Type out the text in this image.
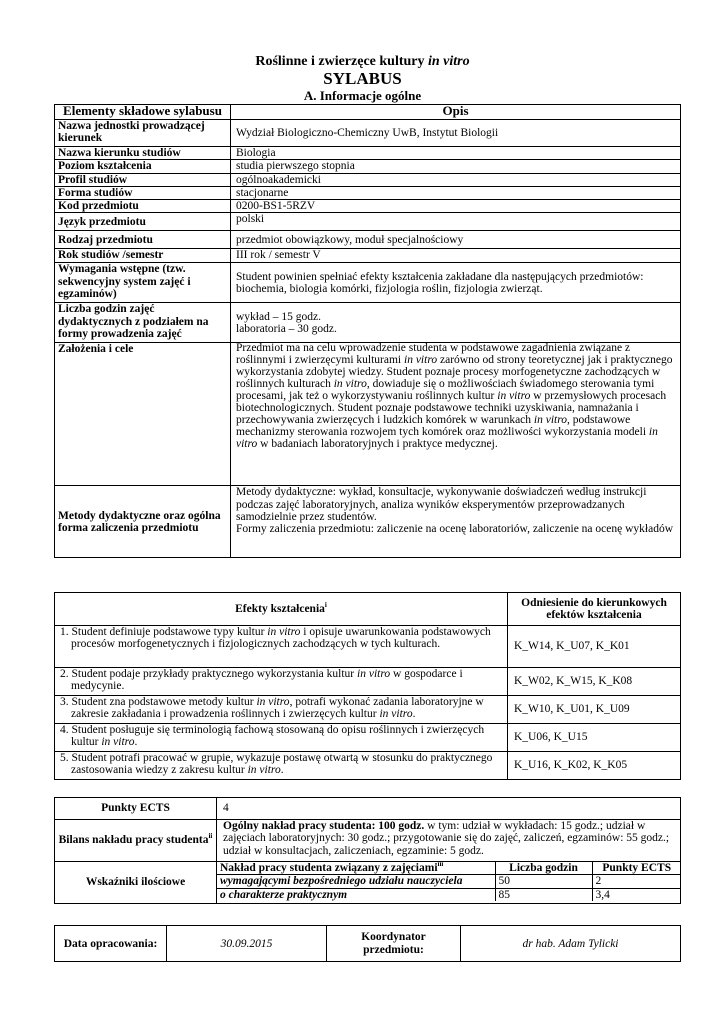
Roślinne i zwierzęce kultury in vitro
SYLABUS
A. Informacje ogólne
Elementy składowe sylabusu	Opis
Nazwa jednostki prowadzącej kierunek	Wydział Biologiczno-Chemiczny UwB, Instytut Biologii
Nazwa kierunku studiów	Biologia
Poziom kształcenia	studia pierwszego stopnia
Profil studiów	ogólnoakademicki
Forma studiów	stacjonarne
Kod przedmiotu	0200-BS1-5RZV
Język przedmiotu	polski
Rodzaj przedmiotu	przedmiot obowiązkowy, moduł specjalnościowy
Rok studiów /semestr	III rok / semestr V
Wymagania wstępne (tzw. sekwencyjny system zajęć i egzaminów)	Student powinien spełniać efekty kształcenia zakładane dla następujących przedmiotów: biochemia, biologia komórki, fizjologia roślin, fizjologia zwierząt.
Liczba godzin zajęć dydaktycznych z podziałem na formy prowadzenia zajęć	wykład – 15 godz.
laboratoria – 30 godz.

Założenia i cele	Przedmiot ma na celu wprowadzenie studenta w podstawowe zagadnienia związane z roślinnymi i zwierzęcymi kulturami in vitro zarówno od strony teoretycznej jak i praktycznego wykorzystania zdobytej wiedzy. Student poznaje procesy morfogenetyczne zachodzących w roślinnych kulturach in vitro, dowiaduje się o możliwościach świadomego sterowania tymi procesami, jak też o wykorzystywaniu roślinnych kultur in vitro w przemysłowych procesach biotechnologicznych. Student poznaje podstawowe techniki uzyskiwania, namnażania i przechowywania zwierzęcych i ludzkich komórek w warunkach in vitro, podstawowe mechanizmy sterowania rozwojem tych komórek oraz możliwości wykorzystania modeli in vitro w badaniach laboratoryjnych i praktyce medycznej.
Metody dydaktyczne oraz ogólna forma zaliczenia przedmiotu	Metody dydaktyczne: wykład, konsultacje, wykonywanie doświadczeń według instrukcji podczas zajęć laboratoryjnych, analiza wyników eksperymentów przeprowadzanych samodzielnie przez studentów.
Formy zaliczenia przedmiotu: zaliczenie na ocenę laboratoriów, zaliczenie na ocenę wykładów
Efekty kształcenia$^i$	Odniesienie do kierunkowych efektów kształcenia
1. Student definiuje podstawowe typy kultur in vitro i opisuje uwarunkowania podstawowych procesów morfogenetycznych i fizjologicznych zachodzących w tych kulturach.	K_W14, K_U07, K_K01
2. Student podaje przykłady praktycznego wykorzystania kultur in vitro w gospodarce i medycynie.	K_W02, K_W15, K_K08
3. Student zna podstawowe metody kultur in vitro, potrafi wykonać zadania laboratoryjne w zakresie zakładania i prowadzenia roślinnych i zwierzęcych kultur in vitro.	K_W10, K_U01, K_U09
4. Student posługuje się terminologią fachową stosowaną do opisu roślinnych i zwierzęcych kultur in vitro.	K_U06, K_U15
5. Student potrafi pracować w grupie, wykazuje postawę otwartą w stosunku do praktycznego zastosowania wiedzy z zakresu kultur in vitro.	K_U16, K_K02, K_K05
Punkty ECTS	4
Bilans nakładu pracy studenta$^{ii}$	Ogólny nakład pracy studenta: 100 godz. w tym: udział w wykładach: 15 godz.; udział w zajęciach laboratoryjnych: 30 godz.; przygotowanie się do zajęć, zaliczeń, egzaminów: 55 godz.; udział w konsultacjach, zaliczeniach, egzaminie: 5 godz.
Wskaźniki ilościowe	
Nakład pracy studenta związany z zajęciami$^{iii}$	Liczba godzin	Punkty ECTS
wymagającymi bezpośredniego udziału nauczyciela	50	2
o charakterze praktycznym	85	3,4
Data opracowania:	30.09.2015	Koordynator przedmiotu:	dr hab. Adam Tylicki
